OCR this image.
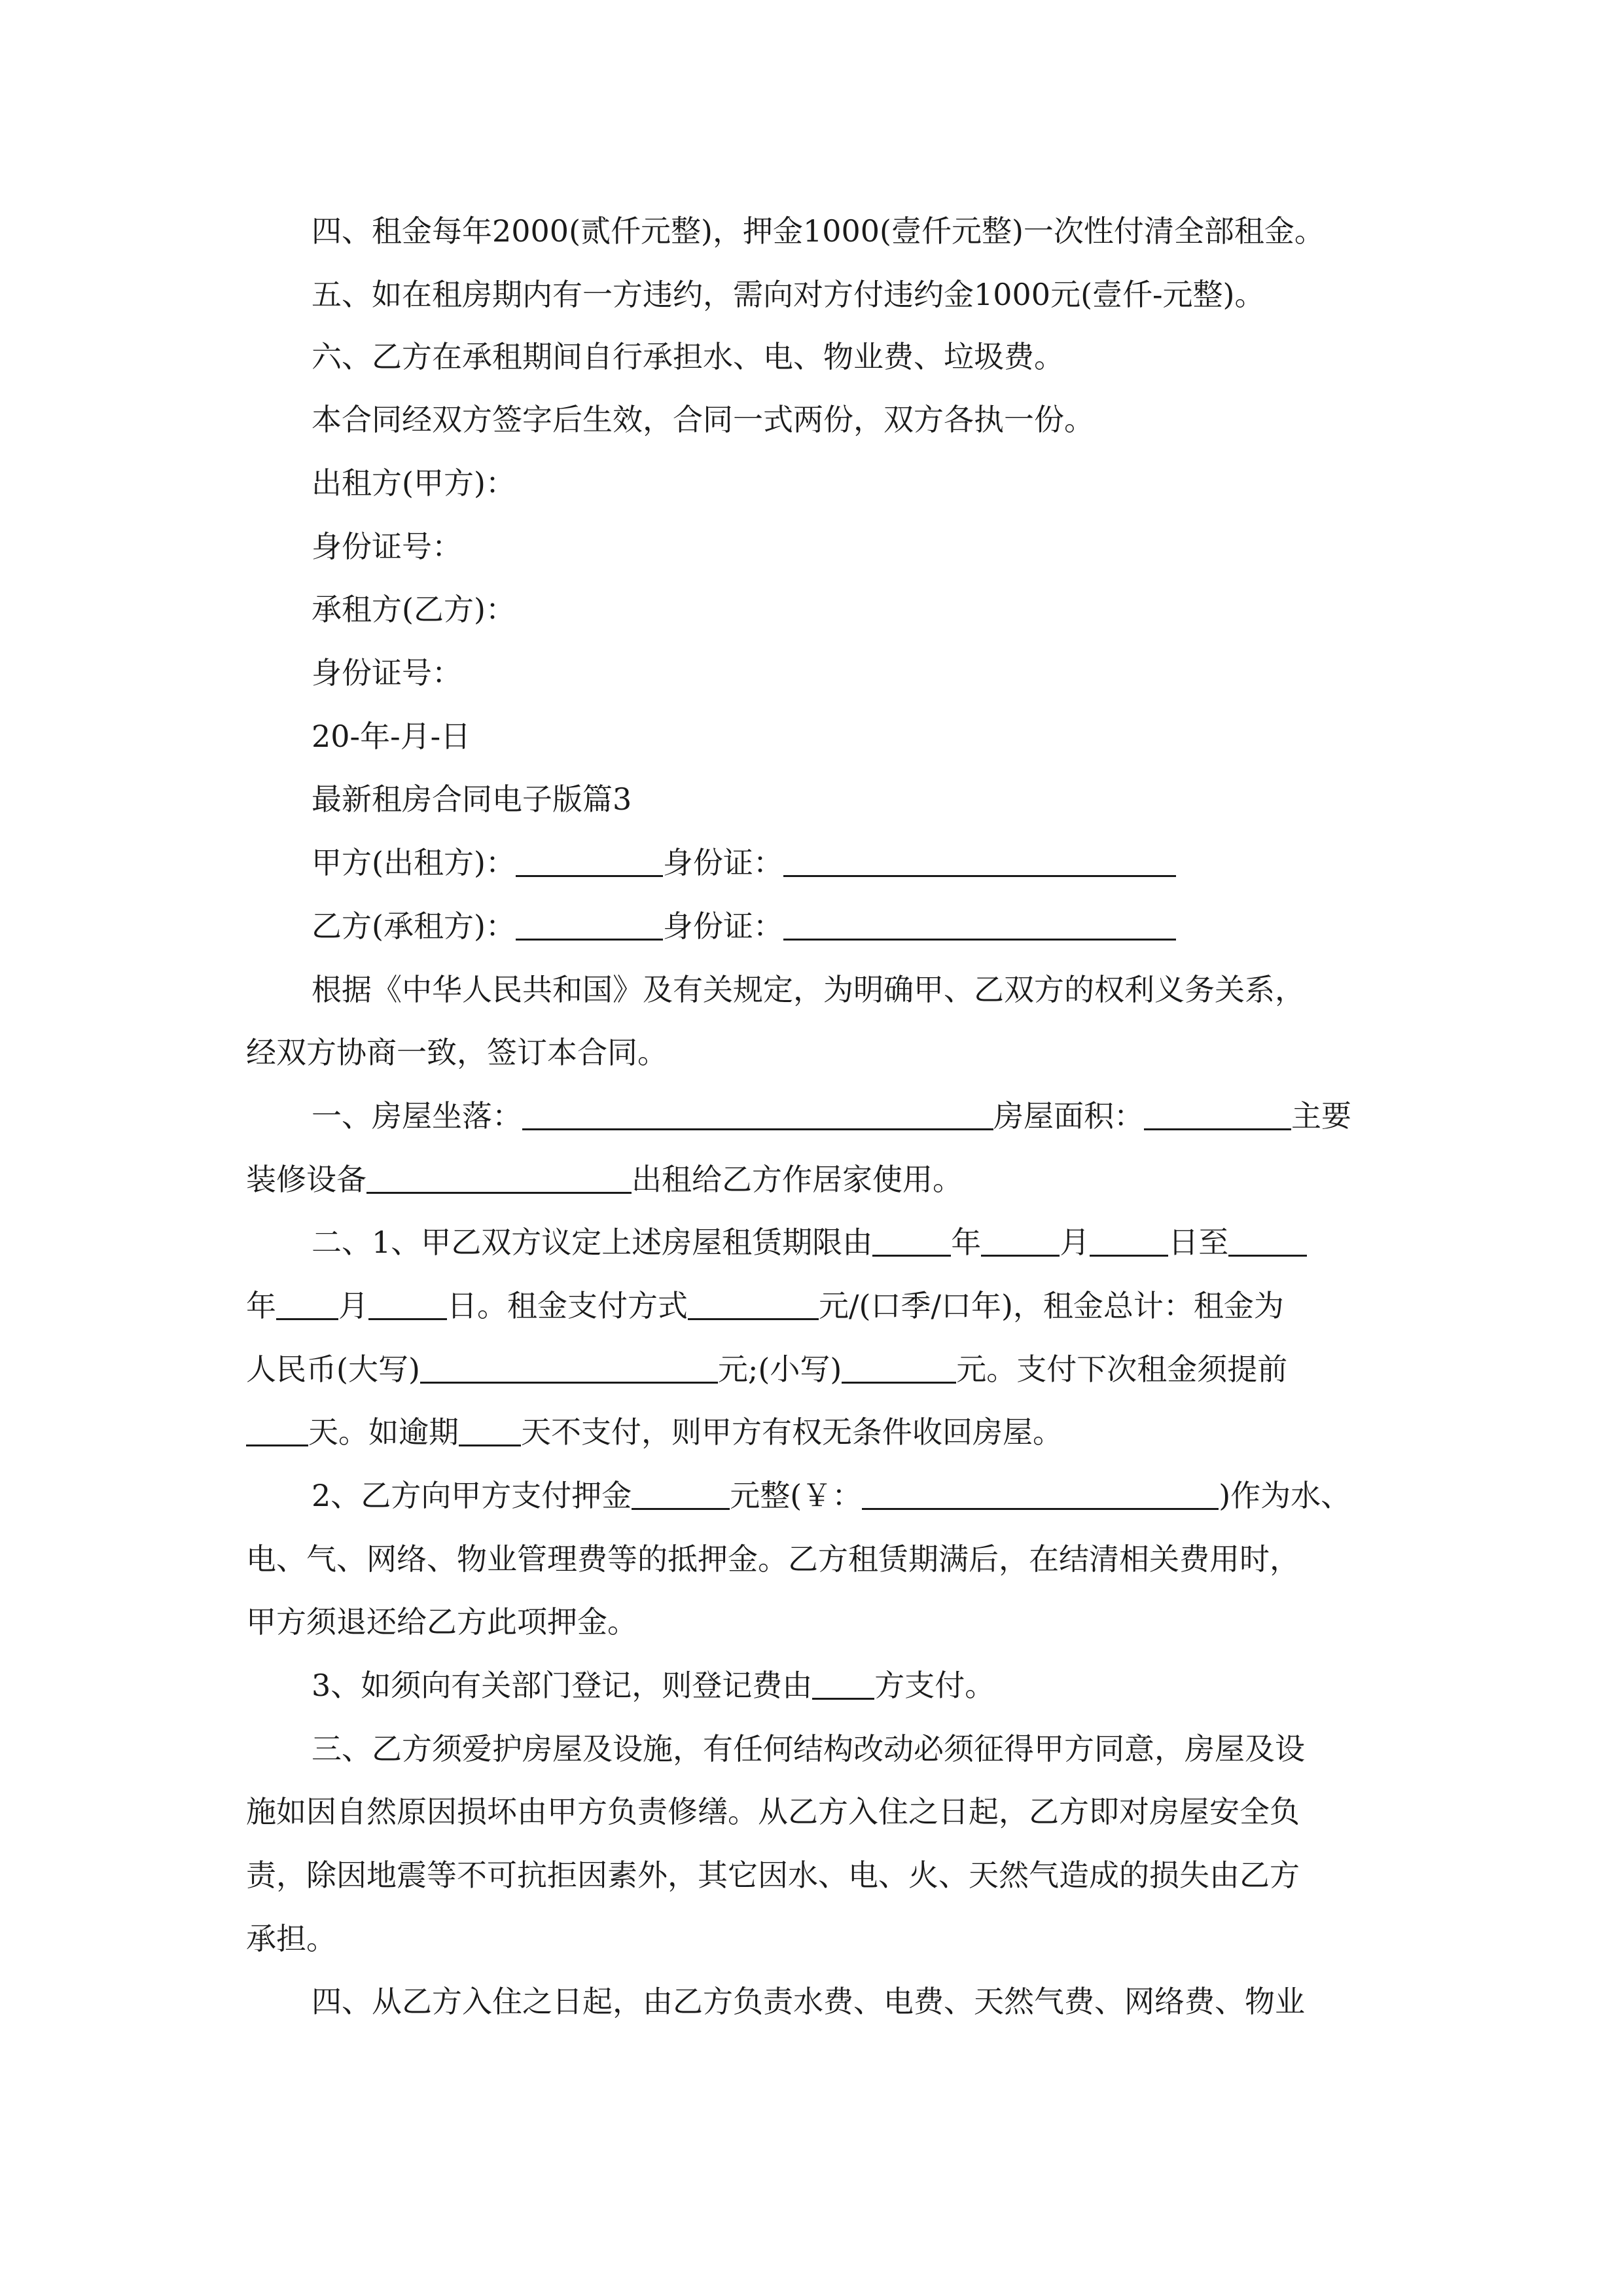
四、租金每年2000(贰仟元整)，押金1000(壹仟元整)一次性付清全部租金。
五、如在租房期内有一方违约，需向对方付违约金1000元(壹仟-元整)。
六、乙方在承租期间自行承担水、电、物业费、垃圾费。
本合同经双方签字后生效，合同一式两份，双方各执一份。
出租方(甲方)：
身份证号：
承租方(乙方)：
身份证号：
20-年-月-日
最新租房合同电子版篇3
甲方(出租方)：	身份证：
乙方(承租方)：	身份证：
根据《中华人民共和国》及有关规定，为明确甲、乙双方的权利义务关系，
经双方协商一致，签订本合同。
一、房屋坐落：	房屋面积：	主要
装修设备	出租给乙方作居家使用。
二、1、甲乙双方议定上述房屋租赁期限由	年	月	日至
年 月	日。租金支付方式	元/(口季/口年)，租金总计：租金为
人民币(大写)	元;(小写)	元。支付下次租金须提前
天。如逾期 天不支付，则甲方有权无条件收回房屋。
2、乙方向甲方支付押金	元整(￥：	)作为水、
电、气、网络、物业管理费等的抵押金。乙方租赁期满后，在结清相关费用时，
甲方须退还给乙方此项押金。
3、如须向有关部门登记，则登记费由 方支付。
三、乙方须爱护房屋及设施，有任何结构改动必须征得甲方同意，房屋及设
施如因自然原因损坏由甲方负责修缮。从乙方入住之日起，乙方即对房屋安全负
责，除因地震等不可抗拒因素外，其它因水、电、火、天然气造成的损失由乙方
承担。
四、从乙方入住之日起，由乙方负责水费、电费、天然气费、网络费、物业
